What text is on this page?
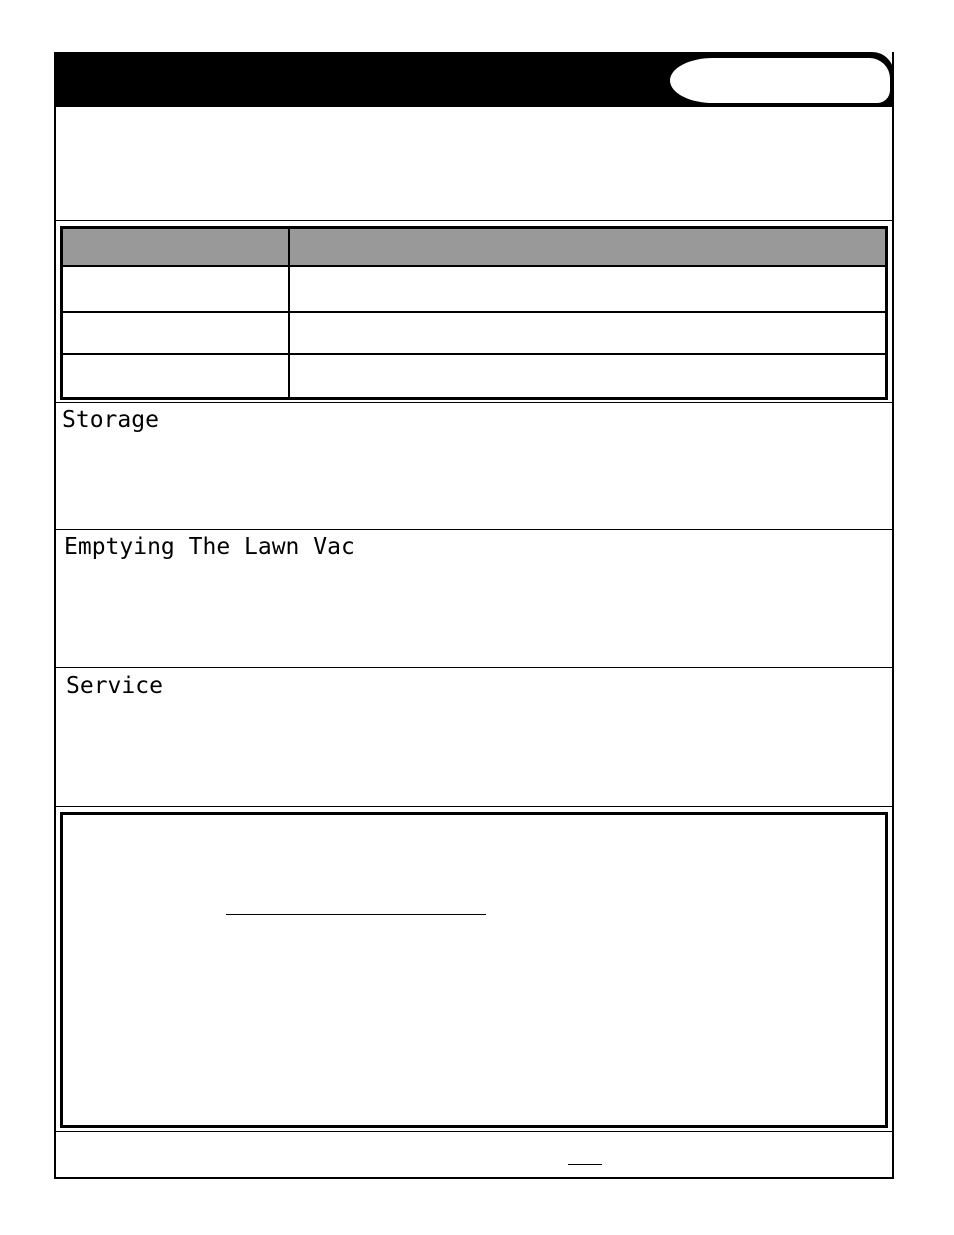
Storage
Emptying The Lawn Vac
Service
